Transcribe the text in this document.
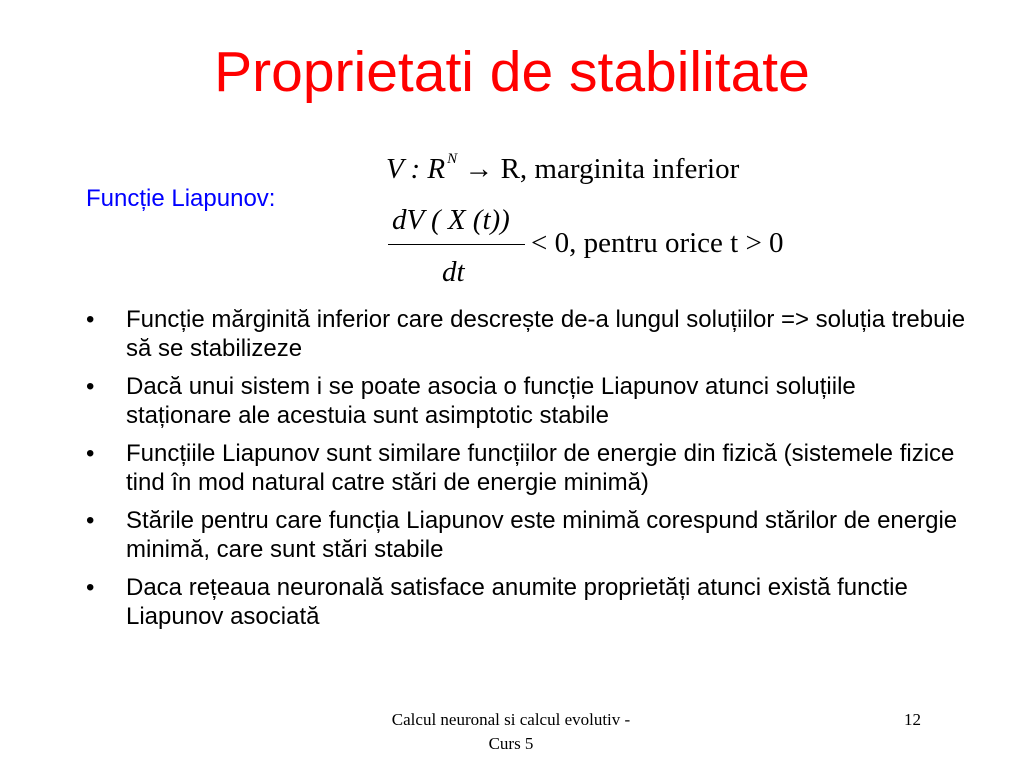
Proprietati de stabilitate
Funcție Liapunov:
V : R $^N$ → R, marginita inferior
dV ( X (t))
dt
< 0, pentru orice t > 0
• Funcție mărginită inferior care descrește de-a lungul soluțiilor => soluția trebuie să se stabilizeze
• Dacă unui sistem i se poate asocia o funcție Liapunov atunci soluțiile staționare ale acestuia sunt asimptotic stabile
• Funcțiile Liapunov sunt similare funcțiilor de energie din fizică (sistemele fizice tind în mod natural catre stări de energie minimă)
• Stările pentru care funcția Liapunov este minimă corespund stărilor de energie minimă, care sunt stări stabile
• Daca rețeaua neuronală satisface anumite proprietăți atunci există functie Liapunov asociată
Calcul neuronal si calcul evolutiv -
Curs 5
12
